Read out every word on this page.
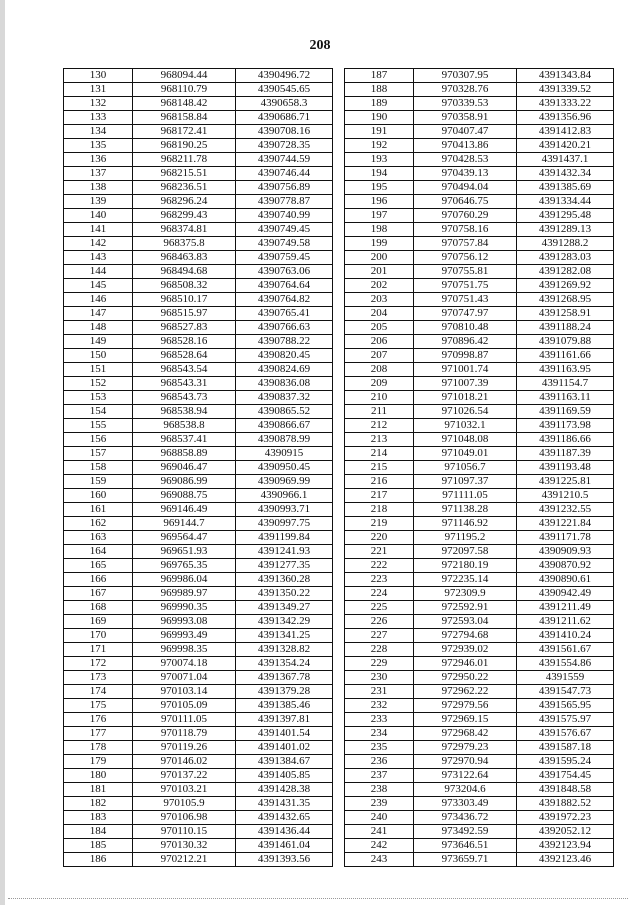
208
130	968094.44	4390496.72
131	968110.79	4390545.65
132	968148.42	4390658.3
133	968158.84	4390686.71
134	968172.41	4390708.16
135	968190.25	4390728.35
136	968211.78	4390744.59
137	968215.51	4390746.44
138	968236.51	4390756.89
139	968296.24	4390778.87
140	968299.43	4390740.99
141	968374.81	4390749.45
142	968375.8	4390749.58
143	968463.83	4390759.45
144	968494.68	4390763.06
145	968508.32	4390764.64
146	968510.17	4390764.82
147	968515.97	4390765.41
148	968527.83	4390766.63
149	968528.16	4390788.22
150	968528.64	4390820.45
151	968543.54	4390824.69
152	968543.31	4390836.08
153	968543.73	4390837.32
154	968538.94	4390865.52
155	968538.8	4390866.67
156	968537.41	4390878.99
157	968858.89	4390915
158	969046.47	4390950.45
159	969086.99	4390969.99
160	969088.75	4390966.1
161	969146.49	4390993.71
162	969144.7	4390997.75
163	969564.47	4391199.84
164	969651.93	4391241.93
165	969765.35	4391277.35
166	969986.04	4391360.28
167	969989.97	4391350.22
168	969990.35	4391349.27
169	969993.08	4391342.29
170	969993.49	4391341.25
171	969998.35	4391328.82
172	970074.18	4391354.24
173	970071.04	4391367.78
174	970103.14	4391379.28
175	970105.09	4391385.46
176	970111.05	4391397.81
177	970118.79	4391401.54
178	970119.26	4391401.02
179	970146.02	4391384.67
180	970137.22	4391405.85
181	970103.21	4391428.38
182	970105.9	4391431.35
183	970106.98	4391432.65
184	970110.15	4391436.44
185	970130.32	4391461.04
186	970212.21	4391393.56
187	970307.95	4391343.84
188	970328.76	4391339.52
189	970339.53	4391333.22
190	970358.91	4391356.96
191	970407.47	4391412.83
192	970413.86	4391420.21
193	970428.53	4391437.1
194	970439.13	4391432.34
195	970494.04	4391385.69
196	970646.75	4391334.44
197	970760.29	4391295.48
198	970758.16	4391289.13
199	970757.84	4391288.2
200	970756.12	4391283.03
201	970755.81	4391282.08
202	970751.75	4391269.92
203	970751.43	4391268.95
204	970747.97	4391258.91
205	970810.48	4391188.24
206	970896.42	4391079.88
207	970998.87	4391161.66
208	971001.74	4391163.95
209	971007.39	4391154.7
210	971018.21	4391163.11
211	971026.54	4391169.59
212	971032.1	4391173.98
213	971048.08	4391186.66
214	971049.01	4391187.39
215	971056.7	4391193.48
216	971097.37	4391225.81
217	971111.05	4391210.5
218	971138.28	4391232.55
219	971146.92	4391221.84
220	971195.2	4391171.78
221	972097.58	4390909.93
222	972180.19	4390870.92
223	972235.14	4390890.61
224	972309.9	4390942.49
225	972592.91	4391211.49
226	972593.04	4391211.62
227	972794.68	4391410.24
228	972939.02	4391561.67
229	972946.01	4391554.86
230	972950.22	4391559
231	972962.22	4391547.73
232	972979.56	4391565.95
233	972969.15	4391575.97
234	972968.42	4391576.67
235	972979.23	4391587.18
236	972970.94	4391595.24
237	973122.64	4391754.45
238	973204.6	4391848.58
239	973303.49	4391882.52
240	973436.72	4391972.23
241	973492.59	4392052.12
242	973646.51	4392123.94
243	973659.71	4392123.46
